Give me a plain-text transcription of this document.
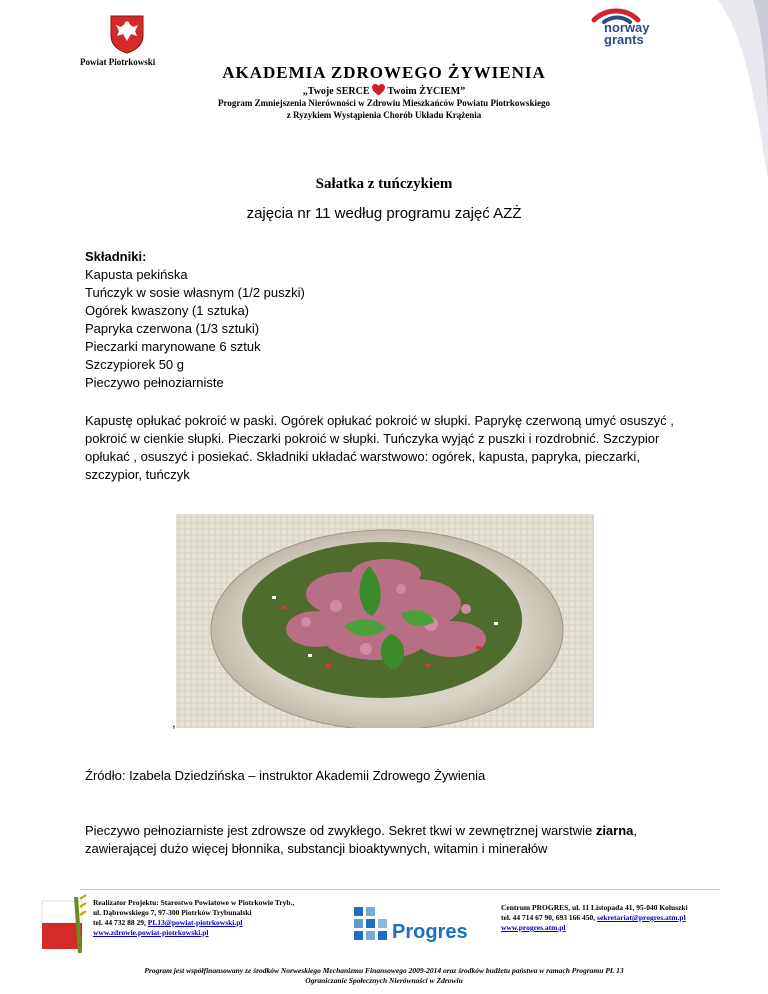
Powiat Piotrkowski
norway
grants
AKADEMIA ZDROWEGO ŻYWIENIA
„Twoje SERCE Twoim ŻYCIEM”
Program Zmniejszenia Nierówności w Zdrowiu Mieszkańców Powiatu Piotrkowskiego
z Ryzykiem Wystąpienia Chorób Układu Krążenia
Sałatka z tuńczykiem
zajęcia nr 11 według programu zajęć AZŻ
Składniki:
Kapusta pekińska
Tuńczyk w sosie własnym (1/2 puszki)
Ogórek kwaszony (1 sztuka)
Papryka czerwona (1/3 sztuki)
Pieczarki marynowane 6 sztuk
Szczypiorek 50 g
Pieczywo pełnoziarniste
Kapustę opłukać pokroić w paski. Ogórek opłukać pokroić w słupki. Paprykę czerwoną umyć osuszyć , pokroić w cienkie słupki. Pieczarki pokroić w słupki. Tuńczyka wyjąć z puszki i rozdrobnić. Szczypior opłukać , osuszyć i posiekać. Składniki układać warstwowo: ogórek, kapusta, papryka, pieczarki, szczypior, tuńczyk
,
Źródło: Izabela Dziedzińska – instruktor Akademii Zdrowego Żywienia
Pieczywo pełnoziarniste jest zdrowsze od zwykłego. Sekret tkwi w zewnętrznej warstwie ziarna, zawierającej dużo więcej błonnika, substancji bioaktywnych, witamin i minerałów
Realizator Projektu: Starostwo Powiatowe w Piotrkowie Tryb.,
ul. Dąbrowskiego 7, 97-300 Piotrków Trybunalski
tel. 44 732 88 29, PL13@powiat-piotrkowski.pl
www.zdrowie.powiat-piotrkowski.pl	Progres
Centrum PROGRES, ul. 11 Listopada 41, 95-040 Koluszki
tel. 44 714 67 90, 693 166 450, sekretariat@progres.atm.pl
www.progres.atm.pl
Program jest współfinansowany ze środków Norweskiego Mechanizmu Finansowego 2009-2014 oraz środków budżetu państwa w ramach Programu PL 13
Ograniczanie Społecznych Nierówności w Zdrowiu
